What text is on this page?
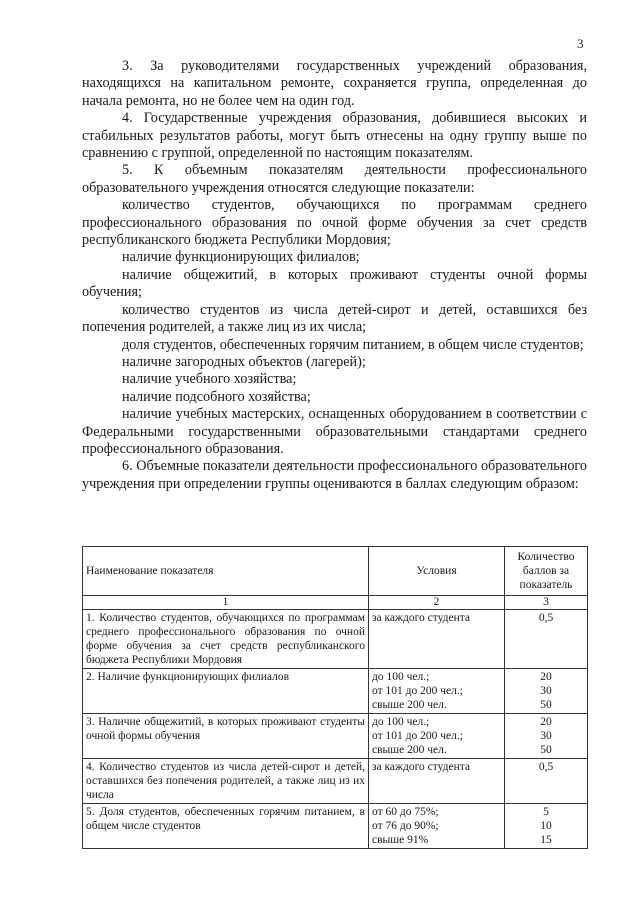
3

3. За руководителями государственных учреждений образования, находящихся на капитальном ремонте, сохраняется группа, определенная до начала ремонта, но не более чем на один год.

4. Государственные учреждения образования, добившиеся высоких и стабильных результатов работы, могут быть отнесены на одну группу выше по сравнению с группой, определенной по настоящим показателям.

5. К объемным показателям деятельности профессионального образовательного учреждения относятся следующие показатели:

количество студентов, обучающихся по программам среднего профессионального образования по очной форме обучения за счет средств республиканского бюджета Республики Мордовия;

наличие функционирующих филиалов;

наличие общежитий, в которых проживают студенты очной формы обучения;

количество студентов из числа детей-сирот и детей, оставшихся без попечения родителей, а также лиц из их числа;

доля студентов, обеспеченных горячим питанием, в общем числе студентов;

наличие загородных объектов (лагерей);

наличие учебного хозяйства;

наличие подсобного хозяйства;

наличие учебных мастерских, оснащенных оборудованием в соответствии с Федеральными государственными образовательными стандартами среднего профессионального образования.

6. Объемные показатели деятельности профессионального образовательного учреждения при определении группы оцениваются в баллах следующим образом:

Наименование показателя	Условия	Количество баллов за показатель
1	2	3
1. Количество студентов, обучающихся по программам среднего профессионального образования по очной форме обучения за счет средств республиканского бюджета Республики Мордовия	за каждого студента	0,5
2. Наличие функционирующих филиалов	до 100 чел.;
от 101 до 200 чел.;
свыше 200 чел.	20
30
50

3. Наличие общежитий, в которых проживают студенты очной формы обучения	до 100 чел.;
от 101 до 200 чел.;
свыше 200 чел.	20
30
50

4. Количество студентов из числа детей-сирот и детей, оставшихся без попечения родителей, а также лиц из их числа	за каждого студента	0,5
5. Доля студентов, обеспеченных горячим питанием, в общем числе студентов	от 60 до 75%;
от 76 до 90%;
свыше 91%	5
10
15
